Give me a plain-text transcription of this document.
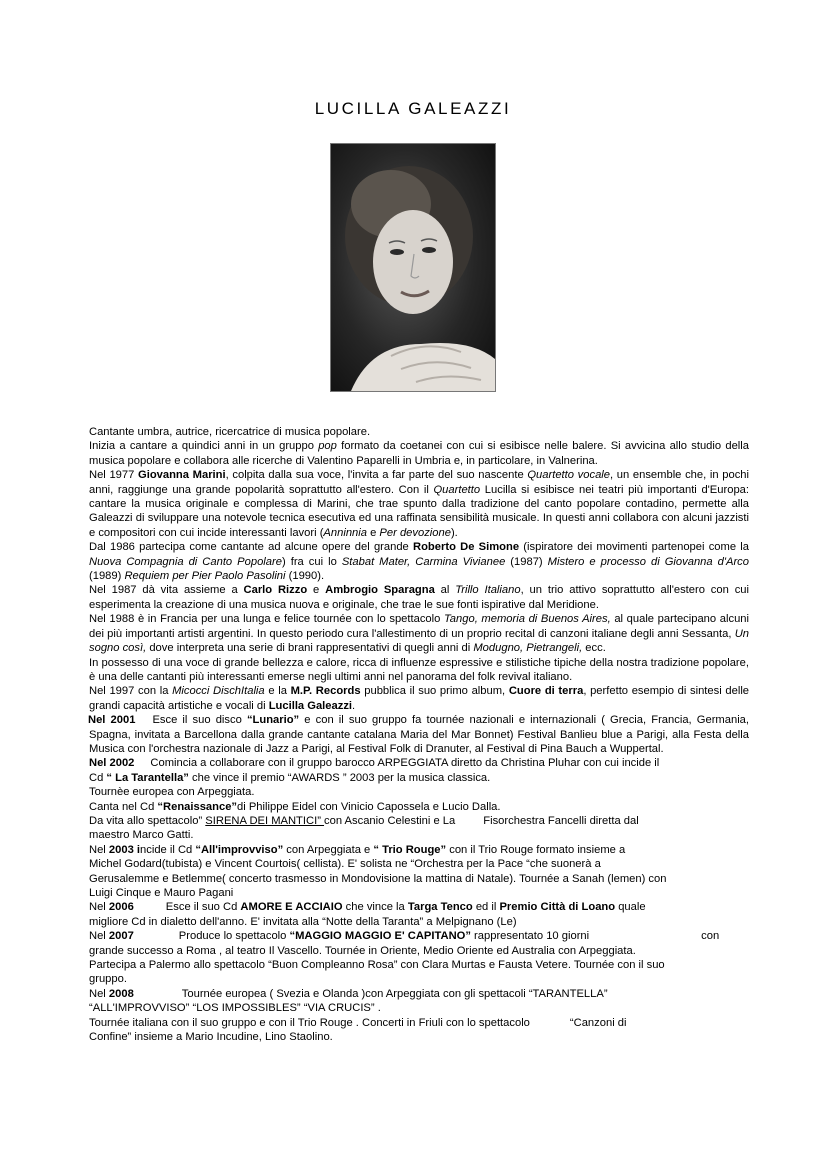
LUCILLA GALEAZZI

Cantante umbra, autrice, ricercatrice di musica popolare.

Inizia a cantare a quindici anni in un gruppo pop formato da coetanei con cui si esibisce nelle balere. Si avvicina allo studio della musica popolare e collabora alle ricerche di Valentino Paparelli in Umbria e, in particolare, in Valnerina.

Nel 1977 Giovanna Marini, colpita dalla sua voce, l'invita a far parte del suo nascente Quartetto vocale, un ensemble che, in pochi anni, raggiunge una grande popolarità soprattutto all'estero. Con il Quartetto Lucilla si esibisce nei teatri più importanti d'Europa: cantare la musica originale e complessa di Marini, che trae spunto dalla tradizione del canto popolare contadino, permette alla Galeazzi di sviluppare una notevole tecnica esecutiva ed una raffinata sensibilità musicale. In questi anni collabora con alcuni jazzisti e compositori con cui incide interessanti lavori (Anninnia e Per devozione).

Dal 1986 partecipa come cantante ad alcune opere del grande Roberto De Simone (ispiratore dei movimenti partenopei come la Nuova Compagnia di Canto Popolare) fra cui lo Stabat Mater, Carmina Vivianee (1987) Mistero e processo di Giovanna d'Arco (1989) Requiem per Pier Paolo Pasolini (1990).

Nel 1987 dà vita assieme a Carlo Rizzo e Ambrogio Sparagna al Trillo Italiano, un trio attivo soprattutto all'estero con cui esperimenta la creazione di una musica nuova e originale, che trae le sue fonti ispirative dal Meridione.

Nel 1988 è in Francia per una lunga e felice tournée con lo spettacolo Tango, memoria di Buenos Aires, al quale partecipano alcuni dei più importanti artisti argentini. In questo periodo cura l'allestimento di un proprio recital di canzoni italiane degli anni Sessanta, Un sogno così, dove interpreta una serie di brani rappresentativi di quegli anni di Modugno, Pietrangeli, ecc.

In possesso di una voce di grande bellezza e calore, ricca di influenze espressive e stilistiche tipiche della nostra tradizione popolare, è una delle cantanti più interessanti emerse negli ultimi anni nel panorama del folk revival italiano.

Nel 1997 con la Micocci DischItalia e la M.P. Records pubblica il suo primo album, Cuore di terra, perfetto esempio di sintesi delle grandi capacità artistiche e vocali di Lucilla Galeazzi.

Nel 2001 Esce il suo disco “Lunario” e con il suo gruppo fa tournée nazionali e internazionali ( Grecia, Francia, Germania, Spagna, invitata a Barcellona dalla grande cantante catalana Maria del Mar Bonnet) Festival Banlieu blue a Parigi, alla Festa della Musica con l'orchestra nazionale di Jazz a Parigi, al Festival Folk di Dranuter, al Festival di Pina Bauch a Wuppertal.

Nel 2002 Comincia a collaborare con il gruppo barocco ARPEGGIATA diretto da Christina Pluhar con cui incide il
Cd “ La Tarantella” che vince il premio “AWARDS ” 2003 per la musica classica.

Tournèe europea con Arpeggiata.

Canta nel Cd “Renaissance”di Philippe Eidel con Vinicio Capossela e Lucio Dalla.

Da vita allo spettacolo” SIRENA DEI MANTICI” con Ascanio Celestini e La	Fisorchestra Fancelli diretta dal
maestro Marco Gatti.

Nel 2003 incide il Cd “All'improvviso” con Arpeggiata e “ Trio Rouge” con il Trio Rouge formato insieme a
Michel Godard(tubista) e Vincent Courtois( cellista). E' solista ne “Orchestra per la Pace “che suonerà a
Gerusalemme e Betlemme( concerto trasmesso in Mondovisione la mattina di Natale). Tournée a Sanah (lemen) con
Luigi Cinque e Mauro Pagani

Nel 2006	Esce il suo Cd AMORE E ACCIAIO che vince la Targa Tenco ed il Premio Città di Loano quale
migliore Cd in dialetto dell'anno. E' invitata alla “Notte della Taranta” a Melpignano (Le)

Nel 2007	Produce lo spettacolo “MAGGIO MAGGIO E' CAPITANO” rappresentato 10 giorni	con
grande successo a Roma , al teatro Il Vascello. Tournée in Oriente, Medio Oriente ed Australia con Arpeggiata.
Partecipa a Palermo allo spettacolo “Buon Compleanno Rosa” con Clara Murtas e Fausta Vetere. Tournée con il suo
gruppo.

Nel 2008	Tournée europea ( Svezia e Olanda )con Arpeggiata con gli spettacoli “TARANTELLA”
“ALL'IMPROVVISO” “LOS IMPOSSIBLES” “VIA CRUCIS” .
Tournée italiana con il suo gruppo e con il Trio Rouge . Concerti in Friuli con lo spettacolo	“Canzoni di
Confine” insieme a Mario Incudine, Lino Staolino.
